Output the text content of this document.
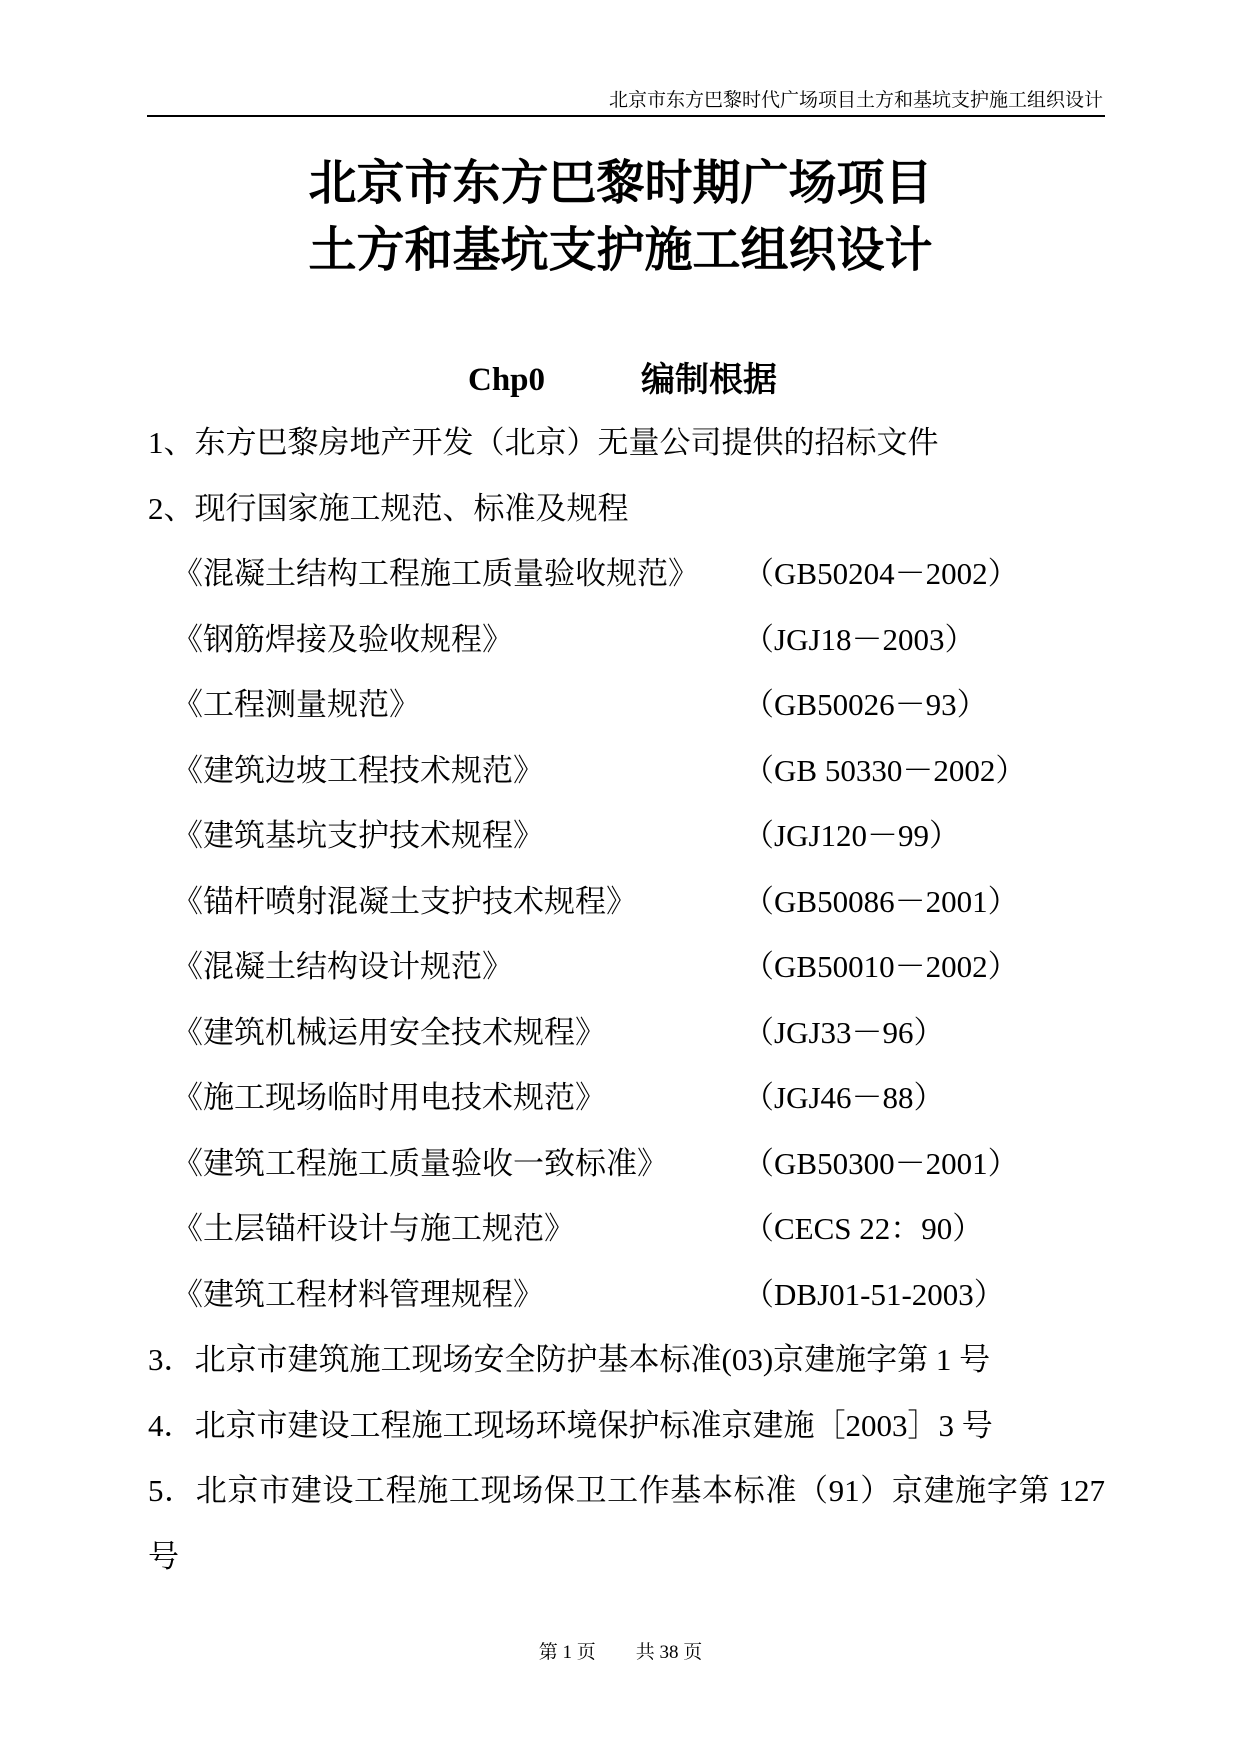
北京市东方巴黎时代广场项目土方和基坑支护施工组织设计
北京市东方巴黎时期广场项目
土方和基坑支护施工组织设计
Chp0	编制根据
1、东方巴黎房地产开发（北京）无量公司提供的招标文件
2、现行国家施工规范、标准及规程
《混凝土结构工程施工质量验收规范》	（GB50204－2002）
《钢筋焊接及验收规程》	（JGJ18－2003）
《工程测量规范》	（GB50026－93）
《建筑边坡工程技术规范》	（GB 50330－2002）
《建筑基坑支护技术规程》	（JGJ120－99）
《锚杆喷射混凝土支护技术规程》	（GB50086－2001）
《混凝土结构设计规范》	（GB50010－2002）
《建筑机械运用安全技术规程》	（JGJ33－96）
《施工现场临时用电技术规范》	（JGJ46－88）
《建筑工程施工质量验收一致标准》	（GB50300－2001）
《土层锚杆设计与施工规范》	（CECS 22：90）
《建筑工程材料管理规程》	（DBJ01-51-2003）
3．北京市建筑施工现场安全防护基本标准(03)京建施字第 1 号
4．北京市建设工程施工现场环境保护标准京建施［2003］3 号
5．北京市建设工程施工现场保卫工作基本标准（91）京建施字第 127 号
第 1 页 共 38 页
